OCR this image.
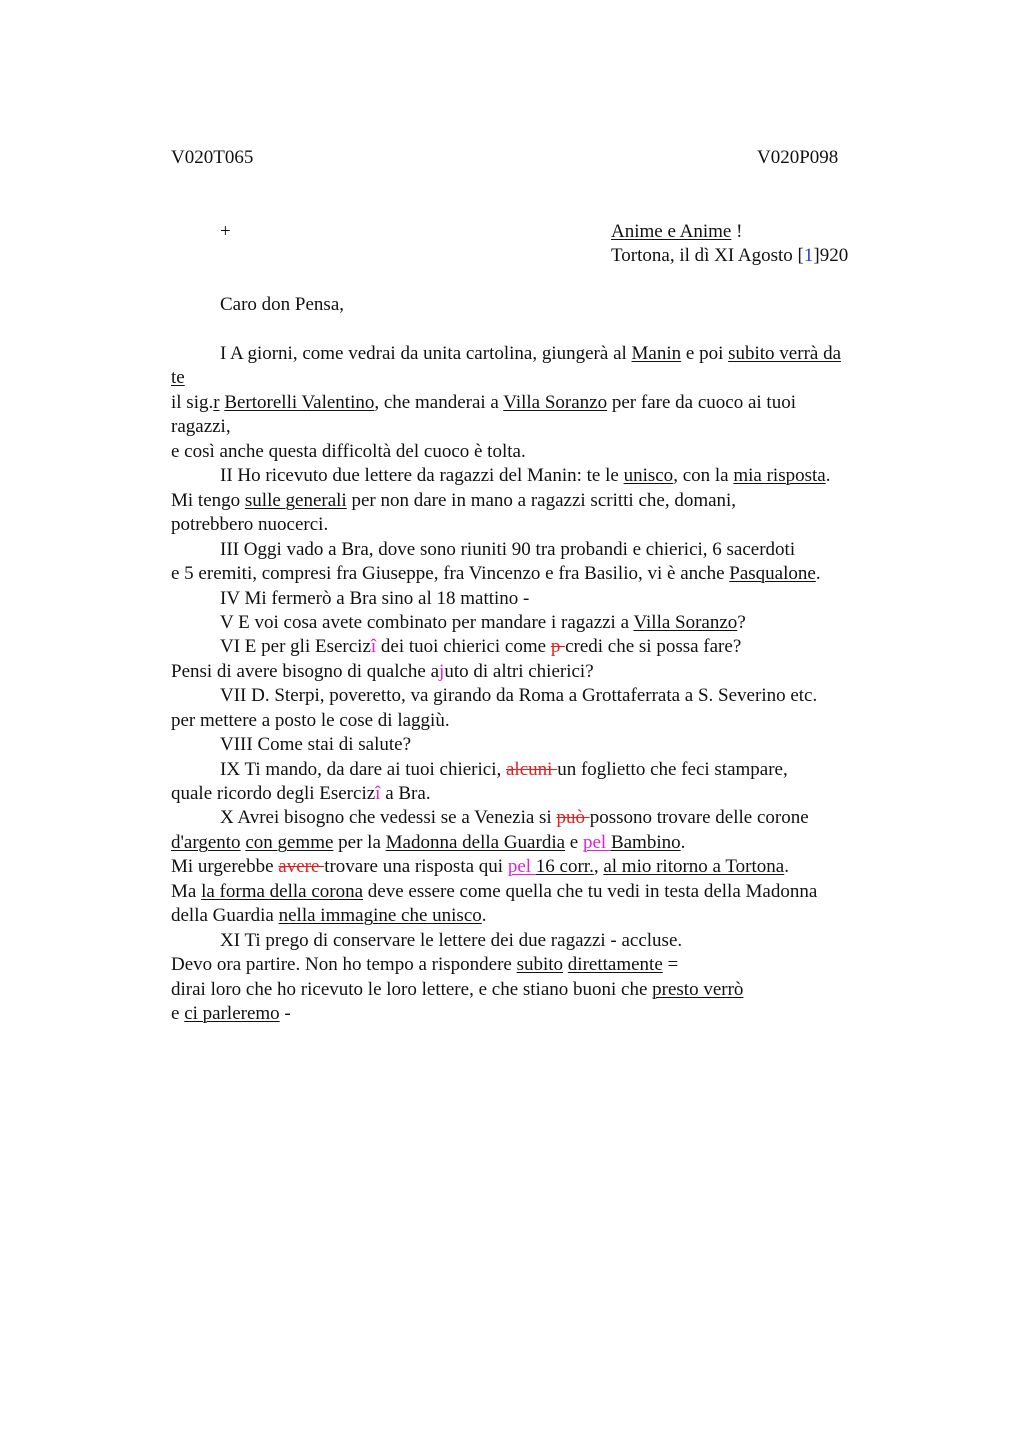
V020T065	V020P098
+	Anime e Anime !
Tortona, il dì XI Agosto [1]920
Caro don Pensa,
I A giorni, come vedrai da unita cartolina, giungerà al Manin e poi subito verrà da
te
il sig.r Bertorelli Valentino, che manderai a Villa Soranzo per fare da cuoco ai tuoi
ragazzi,
e così anche questa difficoltà del cuoco è tolta.
II Ho ricevuto due lettere da ragazzi del Manin: te le unisco, con la mia risposta.
Mi tengo sulle generali per non dare in mano a ragazzi scritti che, domani,
potrebbero nuocerci.
III Oggi vado a Bra, dove sono riuniti 90 tra probandi e chierici, 6 sacerdoti
e 5 eremiti, compresi fra Giuseppe, fra Vincenzo e fra Basilio, vi è anche Pasqualone.
IV Mi fermerò a Bra sino al 18 mattino -
V E voi cosa avete combinato per mandare i ragazzi a Villa Soranzo?
VI E per gli Esercizî dei tuoi chierici come p credi che si possa fare?
Pensi di avere bisogno di qualche ajuto di altri chierici?
VII D. Sterpi, poveretto, va girando da Roma a Grottaferrata a S. Severino etc.
per mettere a posto le cose di laggiù.
VIII Come stai di salute?
IX Ti mando, da dare ai tuoi chierici, alcuni un foglietto che feci stampare,
quale ricordo degli Esercizî a Bra.
X Avrei bisogno che vedessi se a Venezia si può possono trovare delle corone
d'argento con gemme per la Madonna della Guardia e pel Bambino.
Mi urgerebbe avere trovare una risposta qui pel 16 corr., al mio ritorno a Tortona.
Ma la forma della corona deve essere come quella che tu vedi in testa della Madonna
della Guardia nella immagine che unisco.
XI Ti prego di conservare le lettere dei due ragazzi - accluse.
Devo ora partire. Non ho tempo a rispondere subito direttamente =
dirai loro che ho ricevuto le loro lettere, e che stiano buoni che presto verrò
e ci parleremo -
